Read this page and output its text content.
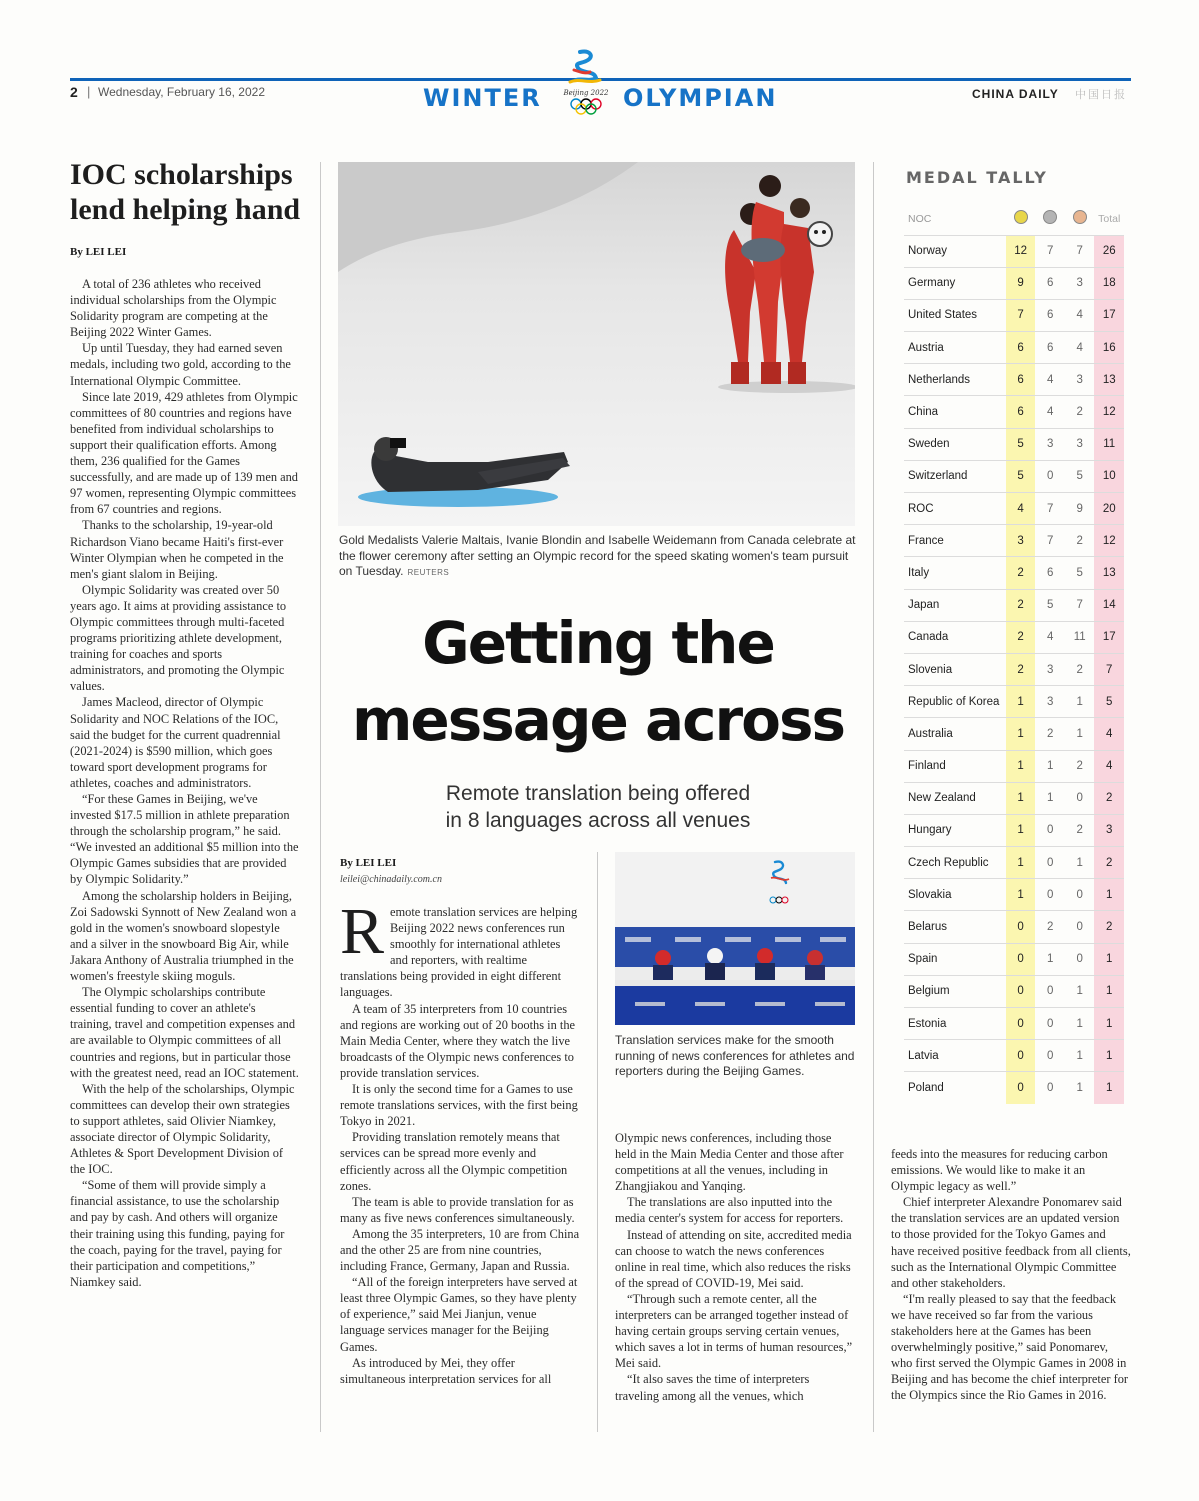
2 | Wednesday, February 16, 2022	WINTER	Beijing 2022 OLYMPIAN	CHINA DAILY 中国日报
IOC scholarships lend helping hand
By LEI LEI

A total of 236 athletes who received individual scholarships from the Olympic Solidarity program are competing at the Beijing 2022 Winter Games.

Up until Tuesday, they had earned seven medals, including two gold, according to the International Olympic Committee.

Since late 2019, 429 athletes from Olympic committees of 80 countries and regions have benefited from individual scholarships to support their qualification efforts. Among them, 236 qualified for the Games successfully, and are made up of 139 men and 97 women, representing Olympic committees from 67 countries and regions.

Thanks to the scholarship, 19-year-old Richardson Viano became Haiti's first-ever Winter Olympian when he competed in the men's giant slalom in Beijing.

Olympic Solidarity was created over 50 years ago. It aims at providing assistance to Olympic committees through multi-faceted programs prioritizing athlete development, training for coaches and sports administrators, and promoting the Olympic values.

James Macleod, director of Olympic Solidarity and NOC Relations of the IOC, said the budget for the current quadrennial (2021-2024) is $590 million, which goes toward sport development programs for athletes, coaches and administrators.

“For these Games in Beijing, we've invested $17.5 million in athlete preparation through the scholarship program,” he said. “We invested an additional $5 million into the Olympic Games subsidies that are provided by Olympic Solidarity.”

Among the scholarship holders in Beijing, Zoi Sadowski Synnott of New Zealand won a gold in the women's snowboard slopestyle and a silver in the snowboard Big Air, while Jakara Anthony of Australia triumphed in the women's freestyle skiing moguls.

The Olympic scholarships contribute essential funding to cover an athlete's training, travel and competition expenses and are available to Olympic committees of all countries and regions, but in particular those with the greatest need, read an IOC statement.

With the help of the scholarships, Olympic committees can develop their own strategies to support athletes, said Olivier Niamkey, associate director of Olympic Solidarity, Athletes & Sport Development Division of the IOC.

“Some of them will provide simply a financial assistance, to use the scholarship and pay by cash. And others will organize their training using this funding, paying for the coach, paying for the travel, paying for their participation and competitions,” Niamkey said.

Gold Medalists Valerie Maltais, Ivanie Blondin and Isabelle Weidemann from Canada celebrate at the flower ceremony after setting an Olympic record for the speed skating women's team pursuit on Tuesday. REUTERS
Getting the
message across
Remote translation being offered
in 8 languages across all venues
By LEI LEI
leilei@chinadaily.com.cn

Remote translation services are helping Beijing 2022 news conferences run smoothly for international athletes and reporters, with realtime translations being provided in eight different languages.

A team of 35 interpreters from 10 countries and regions are working out of 20 booths in the Main Media Center, where they watch the live broadcasts of the Olympic news conferences to provide translation services.

It is only the second time for a Games to use remote translations services, with the first being Tokyo in 2021.

Providing translation remotely means that services can be spread more evenly and efficiently across all the Olympic competition zones.

The team is able to provide translation for as many as five news conferences simultaneously.

Among the 35 interpreters, 10 are from China and the other 25 are from nine countries, including France, Germany, Japan and Russia.

“All of the foreign interpreters have served at least three Olympic Games, so they have plenty of experience,” said Mei Jianjun, venue language services manager for the Beijing Games.

As introduced by Mei, they offer simultaneous interpretation services for all

Translation services make for the smooth running of news conferences for athletes and reporters during the Beijing Games.

Olympic news conferences, including those held in the Main Media Center and those after competitions at all the venues, including in Zhangjiakou and Yanqing.

The translations are also inputted into the media center's system for access for reporters.

Instead of attending on site, accredited media can choose to watch the news conferences online in real time, which also reduces the risks of the spread of COVID-19, Mei said.

“Through such a remote center, all the interpreters can be arranged together instead of having certain groups serving certain venues, which saves a lot in terms of human resources,” Mei said.

“It also saves the time of interpreters traveling among all the venues, which

MEDAL TALLY
NOC				Total
Norway	12	7	7	26
Germany	9	6	3	18
United States	7	6	4	17
Austria	6	6	4	16
Netherlands	6	4	3	13
China	6	4	2	12
Sweden	5	3	3	11
Switzerland	5	0	5	10
ROC	4	7	9	20
France	3	7	2	12
Italy	2	6	5	13
Japan	2	5	7	14
Canada	2	4	11	17
Slovenia	2	3	2	7
Republic of Korea	1	3	1	5
Australia	1	2	1	4
Finland	1	1	2	4
New Zealand	1	1	0	2
Hungary	1	0	2	3
Czech Republic	1	0	1	2
Slovakia	1	0	0	1
Belarus	0	2	0	2
Spain	0	1	0	1
Belgium	0	0	1	1
Estonia	0	0	1	1
Latvia	0	0	1	1
Poland	0	0	1	1

feeds into the measures for reducing carbon emissions. We would like to make it an Olympic legacy as well.”

Chief interpreter Alexandre Ponomarev said the translation services are an updated version to those provided for the Tokyo Games and have received positive feedback from all clients, such as the International Olympic Committee and other stakeholders.

“I'm really pleased to say that the feedback we have received so far from the various stakeholders here at the Games has been overwhelmingly positive,” said Ponomarev, who first served the Olympic Games in 2008 in Beijing and has become the chief interpreter for the Olympics since the Rio Games in 2016.
